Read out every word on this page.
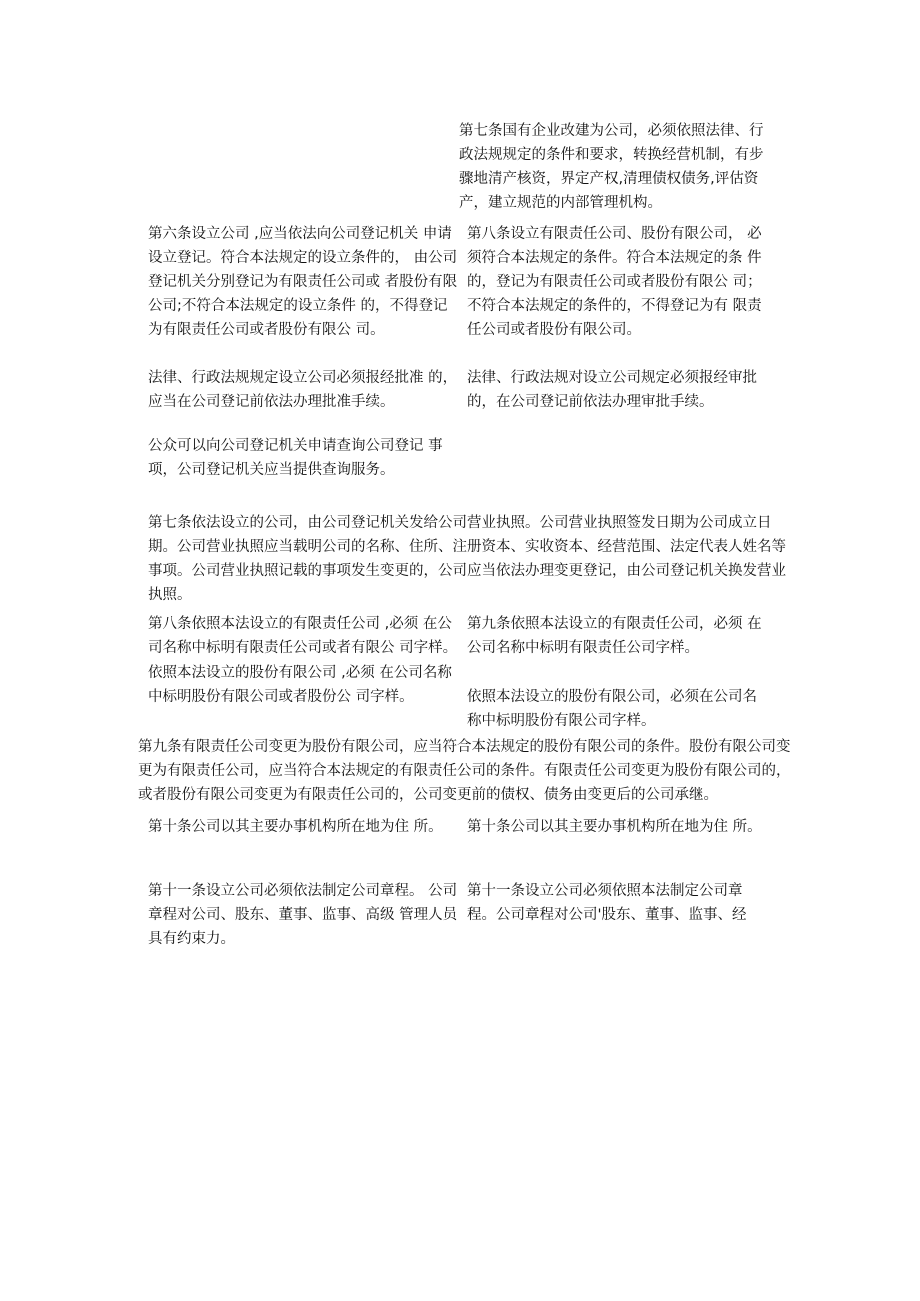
第七条国有企业改建为公司，必须依照法律、行政法规规定的条件和要求，转换经营机制，有步骤地清产核资，界定产权,清理债权债务,评估资产，建立规范的内部管理机构。

第六条设立公司 ,应当依法向公司登记机关 申请设立登记。符合本法规定的设立条件的， 由公司登记机关分别登记为有限责任公司或 者股份有限公司;不符合本法规定的设立条件 的，不得登记为有限责任公司或者股份有限公 司。

第八条设立有限责任公司、股份有限公司， 必须符合本法规定的条件。符合本法规定的条 件的，登记为有限责任公司或者股份有限公 司；不符合本法规定的条件的，不得登记为有 限责任公司或者股份有限公司。

法律、行政法规规定设立公司必须报经批准 的，应当在公司登记前依法办理批准手续。

法律、行政法规对设立公司规定必须报经审批的，在公司登记前依法办理审批手续。

公众可以向公司登记机关申请查询公司登记 事项，公司登记机关应当提供查询服务。

第七条依法设立的公司，由公司登记机关发给公司营业执照。公司营业执照签发日期为公司成立日期。公司营业执照应当载明公司的名称、住所、注册资本、实收资本、经营范围、法定代表人姓名等事项。公司营业执照记载的事项发生变更的，公司应当依法办理变更登记，由公司登记机关换发营业执照。

第八条依照本法设立的有限责任公司 ,必须 在公司名称中标明有限责任公司或者有限公 司字样。

第九条依照本法设立的有限责任公司，必须 在公司名称中标明有限责任公司字样。

依照本法设立的股份有限公司 ,必须 在公司名称中标明股份有限公司或者股份公 司字样。	依照本法设立的股份有限公司，必须在公司名称中标明股份有限公司字样。

第九条有限责任公司变更为股份有限公司，应当符合本法规定的股份有限公司的条件。股份有限公司变更为有限责任公司，应当符合本法规定的有限责任公司的条件。有限责任公司变更为股份有限公司的，或者股份有限公司变更为有限责任公司的，公司变更前的债权、债务由变更后的公司承继。

第十条公司以其主要办事机构所在地为住 所。	第十条公司以其主要办事机构所在地为住 所。

第十一条设立公司必须依法制定公司章程。 公司章程对公司、股东、董事、监事、高级 管理人员具有约束力。

第十一条设立公司必须依照本法制定公司章程。公司章程对公司'股东、董事、监事、经
